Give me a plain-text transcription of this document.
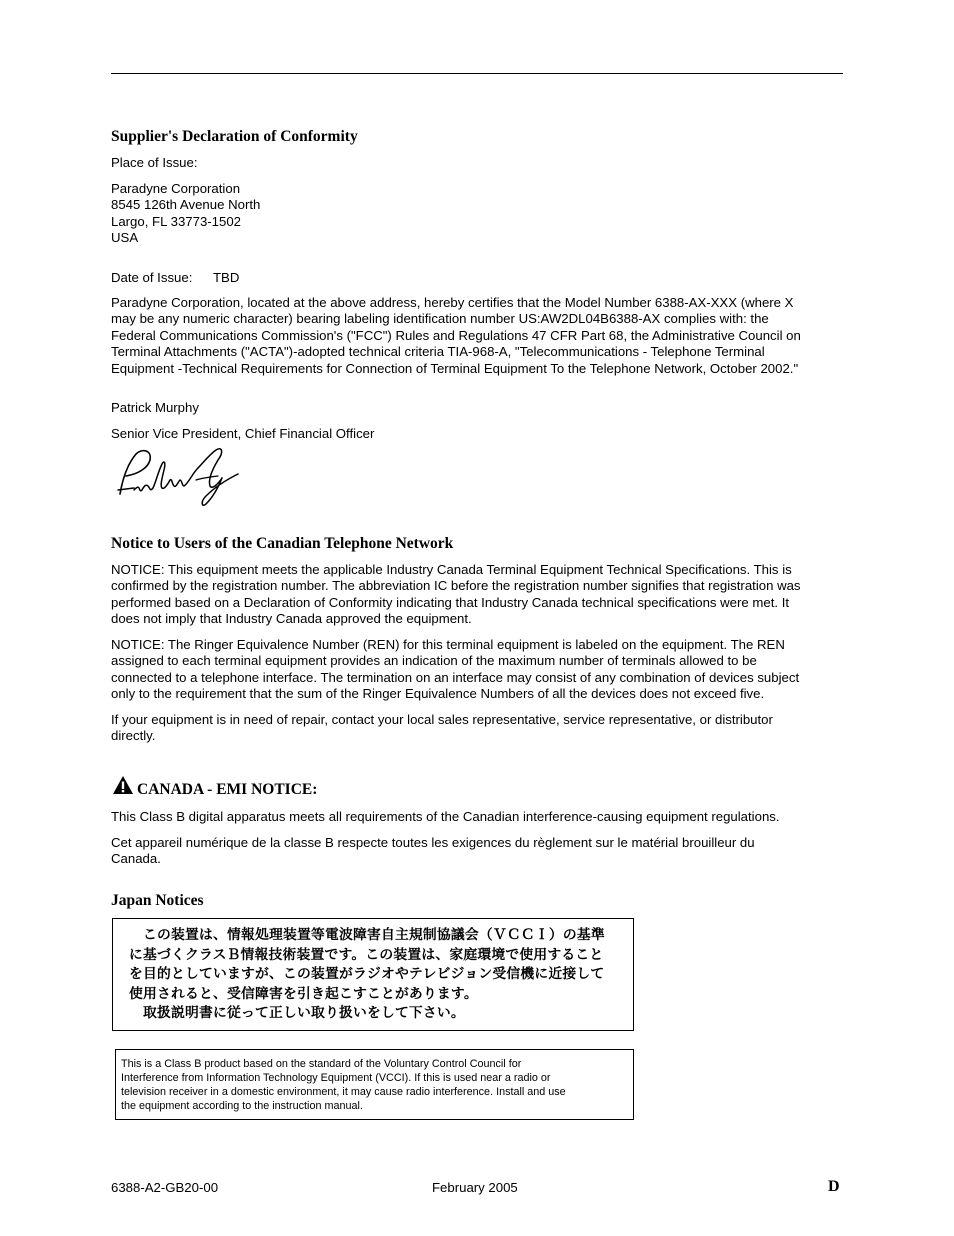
Supplier's Declaration of Conformity
Place of Issue:
Paradyne Corporation
8545 126th Avenue North
Largo, FL 33773-1502
USA
Date of Issue: TBD
Paradyne Corporation, located at the above address, hereby certifies that the Model Number 6388-AX-XXX (where X
may be any numeric character) bearing labeling identification number US:AW2DL04B6388-AX complies with: the
Federal Communications Commission's ("FCC") Rules and Regulations 47 CFR Part 68, the Administrative Council on
Terminal Attachments ("ACTA")-adopted technical criteria TIA-968-A, "Telecommunications - Telephone Terminal
Equipment -Technical Requirements for Connection of Terminal Equipment To the Telephone Network, October 2002."
Patrick Murphy
Senior Vice President, Chief Financial Officer
Notice to Users of the Canadian Telephone Network
NOTICE: This equipment meets the applicable Industry Canada Terminal Equipment Technical Specifications. This is
confirmed by the registration number. The abbreviation IC before the registration number signifies that registration was
performed based on a Declaration of Conformity indicating that Industry Canada technical specifications were met. It
does not imply that Industry Canada approved the equipment.
NOTICE: The Ringer Equivalence Number (REN) for this terminal equipment is labeled on the equipment. The REN
assigned to each terminal equipment provides an indication of the maximum number of terminals allowed to be
connected to a telephone interface. The termination on an interface may consist of any combination of devices subject
only to the requirement that the sum of the Ringer Equivalence Numbers of all the devices does not exceed five.
If your equipment is in need of repair, contact your local sales representative, service representative, or distributor
directly.
CANADA - EMI NOTICE:
This Class B digital apparatus meets all requirements of the Canadian interference-causing equipment regulations.
Cet appareil numérique de la classe B respecte toutes les exigences du règlement sur le matérial brouilleur du
Canada.
Japan Notices
　この装置は、情報処理装置等電波障害自主規制協議会（ＶＣＣＩ）の基準
に基づくクラスＢ情報技術装置です。この装置は、家庭環境で使用すること
を目的としていますが、この装置がラジオやテレビジョン受信機に近接して
使用されると、受信障害を引き起こすことがあります。
　取扱説明書に従って正しい取り扱いをして下さい。
This is a Class B product based on the standard of the Voluntary Control Council for
Interference from Information Technology Equipment (VCCI). If this is used near a radio or
television receiver in a domestic environment, it may cause radio interference. Install and use
the equipment according to the instruction manual.
6388-A2-GB20-00	February 2005	D
